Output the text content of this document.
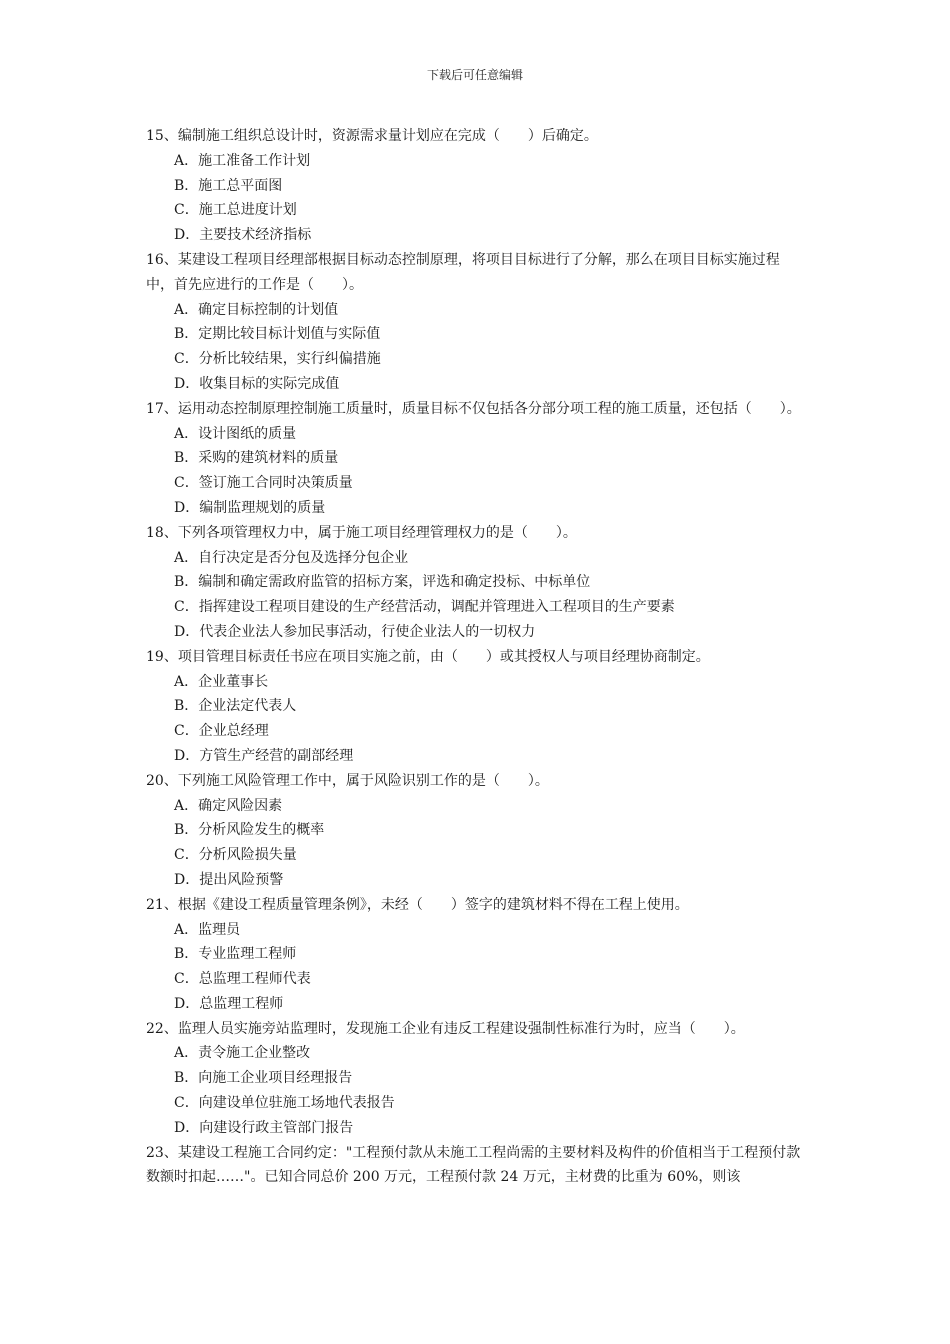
下载后可任意编辑

15、编制施工组织总设计时，资源需求量计划应在完成（　　）后确定。

A．施工准备工作计划

B．施工总平面图

C．施工总进度计划

D．主要技术经济指标

16、某建设工程项目经理部根据目标动态控制原理，将项目目标进行了分解，那么在项目目标实施过程中，首先应进行的工作是（　　）。

A．确定目标控制的计划值

B．定期比较目标计划值与实际值

C．分析比较结果，实行纠偏措施

D．收集目标的实际完成值

17、运用动态控制原理控制施工质量时，质量目标不仅包括各分部分项工程的施工质量，还包括（　　）。

A．设计图纸的质量

B．采购的建筑材料的质量

C．签订施工合同时决策质量

D．编制监理规划的质量

18、下列各项管理权力中，属于施工项目经理管理权力的是（　　）。

A．自行决定是否分包及选择分包企业

B．编制和确定需政府监管的招标方案，评选和确定投标、中标单位

C．指挥建设工程项目建设的生产经营活动，调配并管理进入工程项目的生产要素

D．代表企业法人参加民事活动，行使企业法人的一切权力

19、项目管理目标责任书应在项目实施之前，由（　　）或其授权人与项目经理协商制定。

A．企业董事长

B．企业法定代表人

C．企业总经理

D．方管生产经营的副部经理

20、下列施工风险管理工作中，属于风险识别工作的是（　　）。

A．确定风险因素

B．分析风险发生的概率

C．分析风险损失量

D．提出风险预警

21、根据《建设工程质量管理条例》，未经（　　）签字的建筑材料不得在工程上使用。

A．监理员

B．专业监理工程师

C．总监理工程师代表

D．总监理工程师

22、监理人员实施旁站监理时，发现施工企业有违反工程建设强制性标准行为时，应当（　　）。

A．责令施工企业整改

B．向施工企业项目经理报告

C．向建设单位驻施工场地代表报告

D．向建设行政主管部门报告

23、某建设工程施工合同约定："工程预付款从未施工工程尚需的主要材料及构件的价值相当于工程预付款数额时扣起……"。已知合同总价 200 万元，工程预付款 24 万元，主材费的比重为 60%，则该
